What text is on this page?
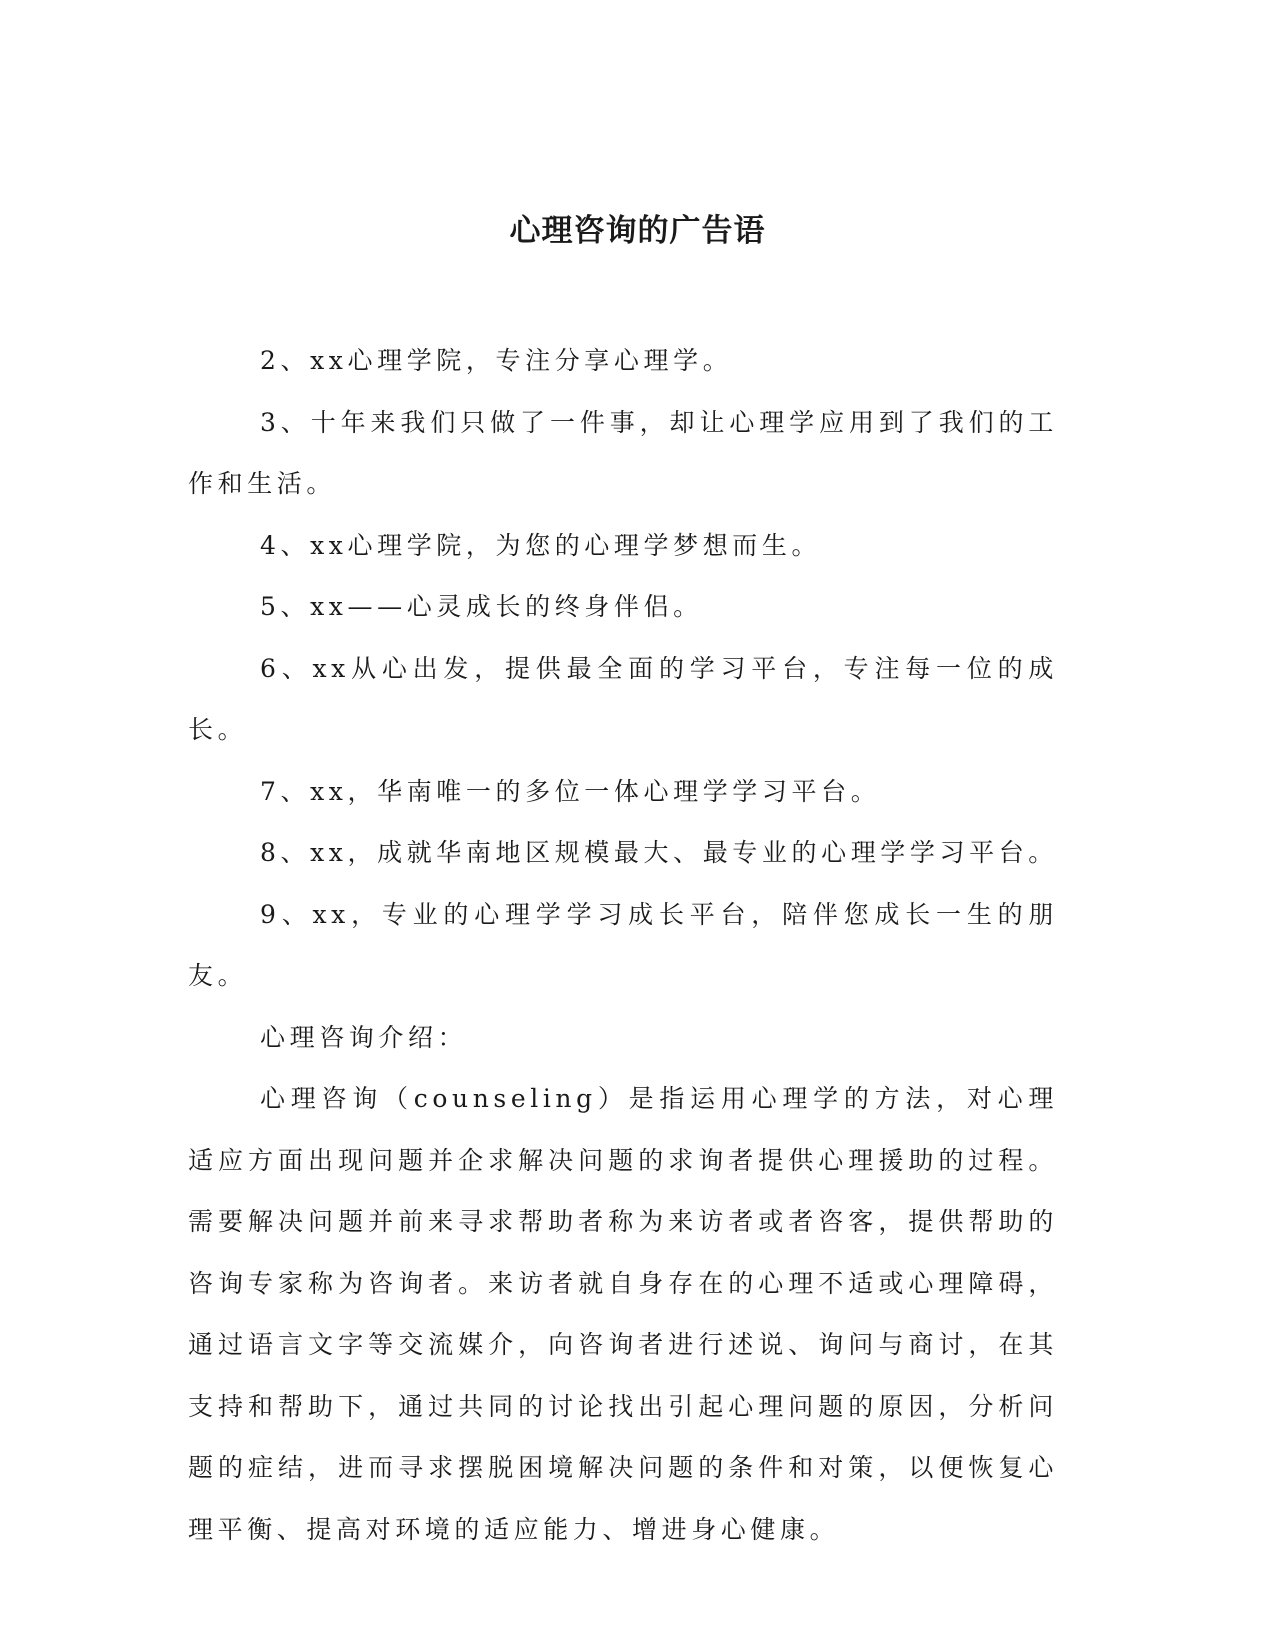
心理咨询的广告语

2、xx心理学院，专注分享心理学。

3、十年来我们只做了一件事，却让心理学应用到了我们的工作和生活。

4、xx心理学院，为您的心理学梦想而生。

5、xx——心灵成长的终身伴侣。

6、xx从心出发，提供最全面的学习平台，专注每一位的成长。

7、xx，华南唯一的多位一体心理学学习平台。

8、xx，成就华南地区规模最大、最专业的心理学学习平台。

9、xx，专业的心理学学习成长平台，陪伴您成长一生的朋友。

心理咨询介绍：

心理咨询（counseling）是指运用心理学的方法，对心理适应方面出现问题并企求解决问题的求询者提供心理援助的过程。需要解决问题并前来寻求帮助者称为来访者或者咨客，提供帮助的咨询专家称为咨询者。来访者就自身存在的心理不适或心理障碍，通过语言文字等交流媒介，向咨询者进行述说、询问与商讨，在其支持和帮助下，通过共同的讨论找出引起心理问题的原因，分析问题的症结，进而寻求摆脱困境解决问题的条件和对策，以便恢复心理平衡、提高对环境的适应能力、增进身心健康。
